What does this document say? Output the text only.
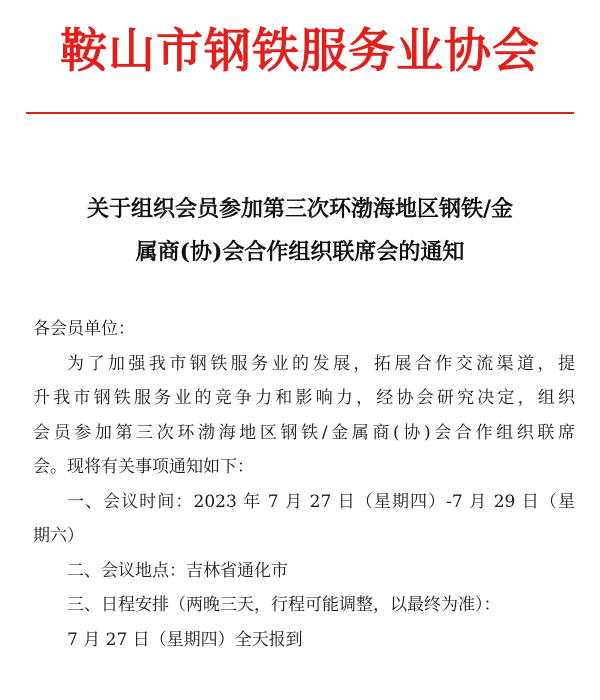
鞍山市钢铁服务业协会
关于组织会员参加第三次环渤海地区钢铁/金
属商(协)会合作组织联席会的通知
各会员单位：
为了加强我市钢铁服务业的发展，拓展合作交流渠道，提
升我市钢铁服务业的竞争力和影响力，经协会研究决定，组织
会员参加第三次环渤海地区钢铁/金属商(协)会合作组织联席
会。现将有关事项通知如下：
一、会议时间：2023 年 7 月 27 日（星期四）-7 月 29 日（星
期六）
二、会议地点：吉林省通化市
三、日程安排（两晚三天，行程可能调整，以最终为准）：
7 月 27 日（星期四）全天报到
